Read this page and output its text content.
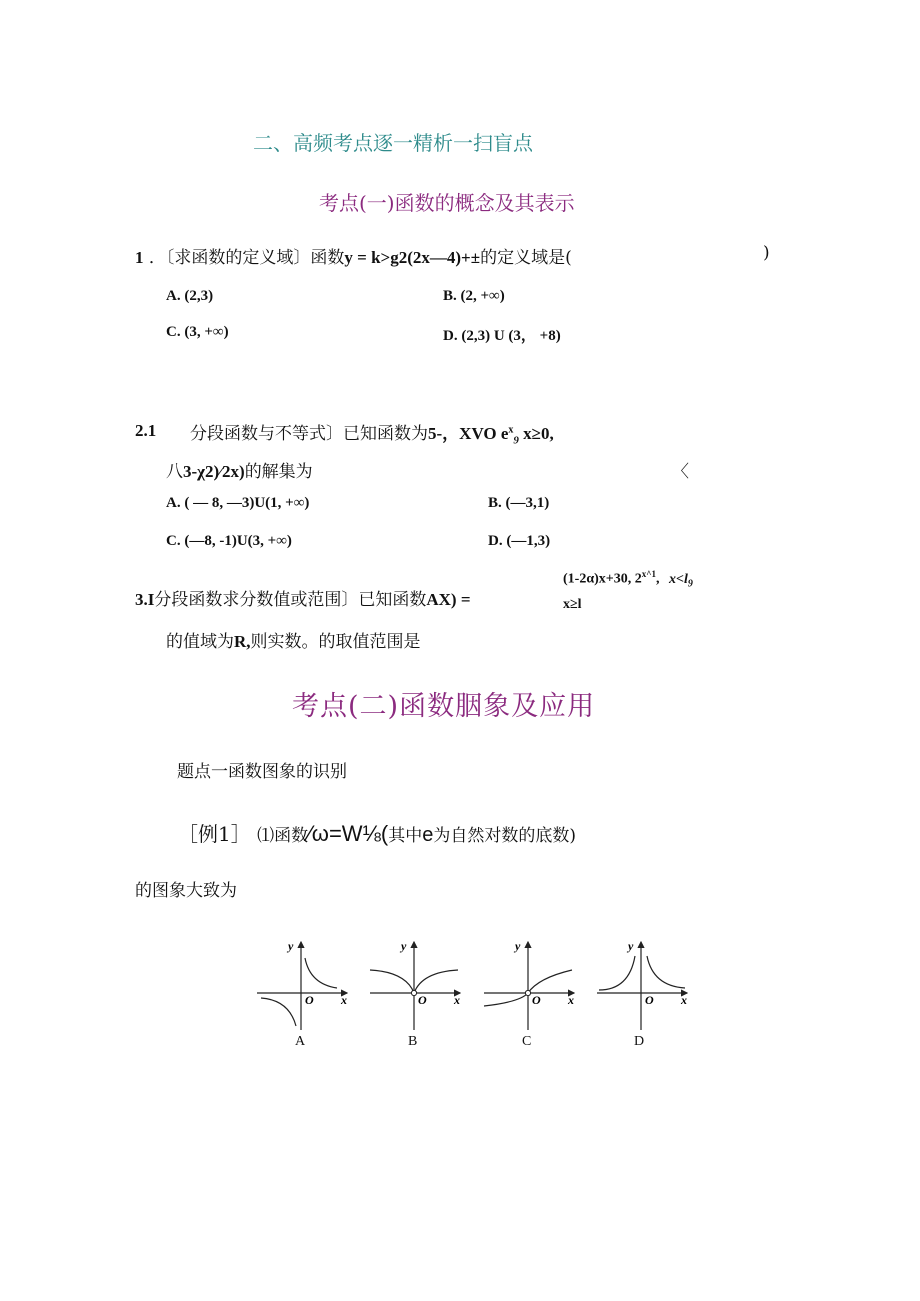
二、高频考点逐一精析一扫盲点
考点(一)函数的概念及其表示
1 ．〔求函数的定义域〕函数y = k>g2(2x—4)+±的定义域是(	)
A. (2,3)	B. (2, +∞)
C. (3, +∞)	D. (2,3) U (3， +8)
2.1 分段函数与不等式〕已知函数为5-，XVO $e^x_9$ x≥0,
八3-χ2)⁄2x)的解集为	〈
A. ( — 8, —3)U(1, +∞)	B. (—3,1)
C. (—8, -1)U(3, +∞)	D. (—1,3)
3.I分段函数求分数值或范围〕已知函数AX) =
(1-2α)x+30, $2^{x\^{}1}$, $x<l_9$
x≥l
的值域为R,则实数。的取值范围是
考点(二)函数胭象及应用
题点一函数图象的识别
［例1］ ⑴函数⁄ω=W⅛(其中e为自然对数的底数)
的图象大致为
y
x
O
A
y
x
O
B
y
x
O
C
y
x
O
D
